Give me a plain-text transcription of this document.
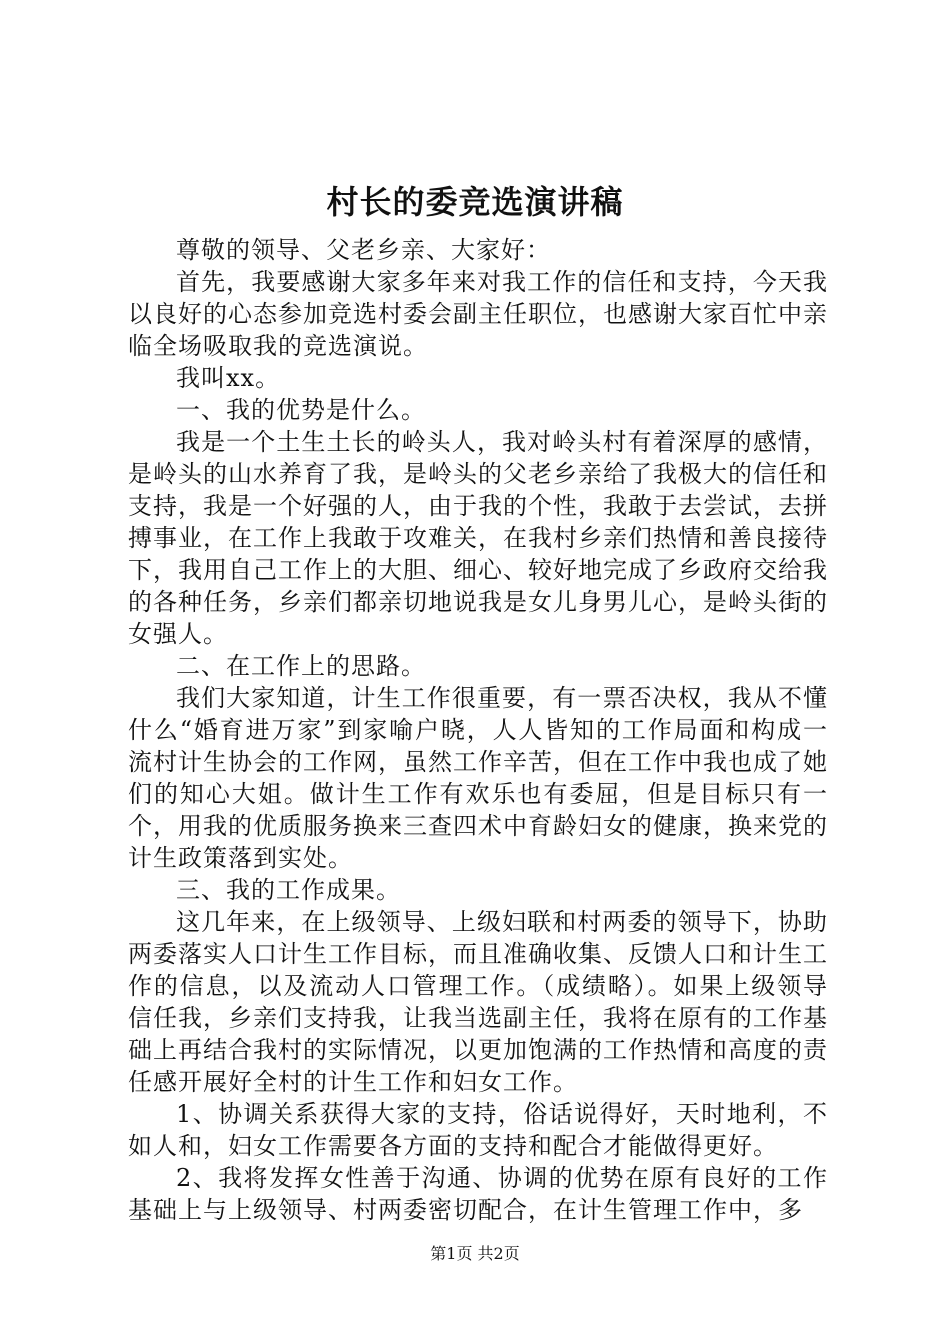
村长的委竞选演讲稿

尊敬的领导、父老乡亲、大家好：

首先，我要感谢大家多年来对我工作的信任和支持，今天我以良好的心态参加竞选村委会副主任职位，也感谢大家百忙中亲临全场吸取我的竞选演说。

我叫xx。

一、我的优势是什么。

我是一个土生土长的岭头人，我对岭头村有着深厚的感情，是岭头的山水养育了我，是岭头的父老乡亲给了我极大的信任和支持，我是一个好强的人，由于我的个性，我敢于去尝试，去拼搏事业，在工作上我敢于攻难关，在我村乡亲们热情和善良接待下，我用自己工作上的大胆、细心、较好地完成了乡政府交给我的各种任务，乡亲们都亲切地说我是女儿身男儿心，是岭头街的女强人。

二、在工作上的思路。

我们大家知道，计生工作很重要，有一票否决权，我从不懂什么“婚育进万家”到家喻户晓，人人皆知的工作局面和构成一流村计生协会的工作网，虽然工作辛苦，但在工作中我也成了她们的知心大姐。做计生工作有欢乐也有委屈，但是目标只有一个，用我的优质服务换来三查四术中育龄妇女的健康，换来党的计生政策落到实处。

三、我的工作成果。

这几年来，在上级领导、上级妇联和村两委的领导下，协助两委落实人口计生工作目标，而且准确收集、反馈人口和计生工作的信息，以及流动人口管理工作。（成绩略）。如果上级领导信任我，乡亲们支持我，让我当选副主任，我将在原有的工作基础上再结合我村的实际情况，以更加饱满的工作热情和高度的责任感开展好全村的计生工作和妇女工作。

1、协调关系获得大家的支持，俗话说得好，天时地利，不如人和，妇女工作需要各方面的支持和配合才能做得更好。

2、我将发挥女性善于沟通、协调的优势在原有良好的工作基础上与上级领导、村两委密切配合，在计生管理工作中，多

第1页 共2页
